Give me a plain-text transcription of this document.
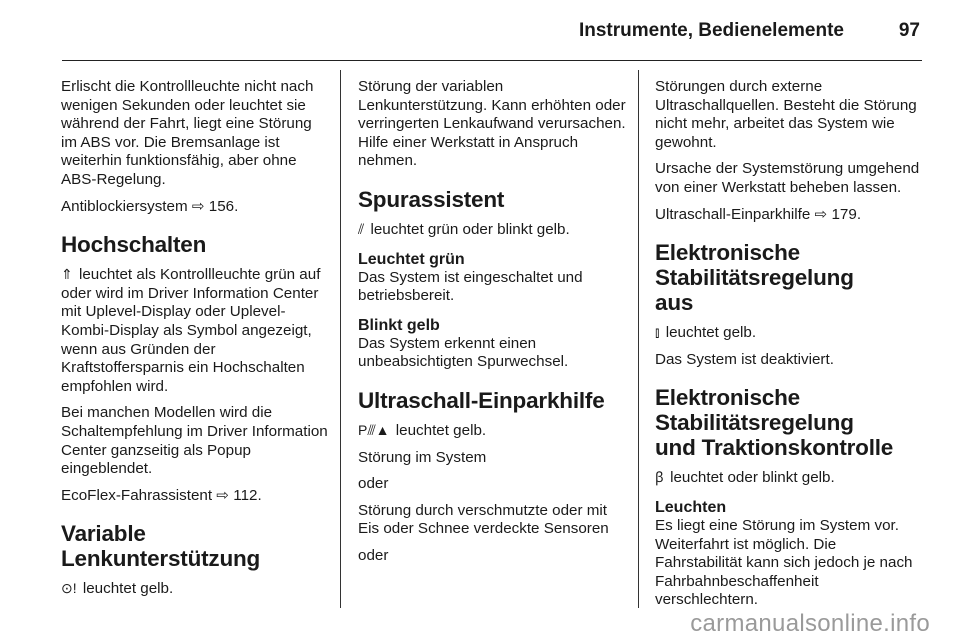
Instrumente, Bedienelemente	97

Erlischt die Kontrollleuchte nicht nach wenigen Sekunden oder leuchtet sie während der Fahrt, liegt eine Störung im ABS vor. Die Bremsanlage ist weiterhin funktionsfähig, aber ohne ABS-Regelung.

Antiblockiersystem ⇨ 156.

Hochschalten

⇑ leuchtet als Kontrollleuchte grün auf oder wird im Driver Information Center mit Uplevel-Display oder Uplevel-Kombi-Display als Symbol angezeigt, wenn aus Gründen der Kraftstoffersparnis ein Hochschalten empfohlen wird.

Bei manchen Modellen wird die Schaltempfehlung im Driver Information Center ganzseitig als Popup eingeblendet.

EcoFlex-Fahrassistent ⇨ 112.

Variable Lenkunterstützung

⊙! leuchtet gelb.

Störung der variablen Lenkunterstützung. Kann erhöhten oder verringerten Lenkaufwand verursachen. Hilfe einer Werkstatt in Anspruch nehmen.

Spurassistent

⫽ leuchtet grün oder blinkt gelb.

Leuchtet grün

Das System ist eingeschaltet und betriebsbereit.

Blinkt gelb

Das System erkennt einen unbeabsichtigten Spurwechsel.

Ultraschall-Einparkhilfe

P⫻▲ leuchtet gelb.

Störung im System

oder

Störung durch verschmutzte oder mit Eis oder Schnee verdeckte Sensoren

oder

Störungen durch externe Ultraschallquellen. Besteht die Störung nicht mehr, arbeitet das System wie gewohnt.

Ursache der Systemstörung umgehend von einer Werkstatt beheben lassen.

Ultraschall-Einparkhilfe ⇨ 179.

Elektronische Stabilitätsregelung aus

⫾ leuchtet gelb.

Das System ist deaktiviert.

Elektronische Stabilitätsregelung und Traktionskontrolle

ꞵ leuchtet oder blinkt gelb.

Leuchten

Es liegt eine Störung im System vor. Weiterfahrt ist möglich. Die Fahrstabilität kann sich jedoch je nach Fahrbahnbeschaffenheit verschlechtern.

carmanualsonline.info
